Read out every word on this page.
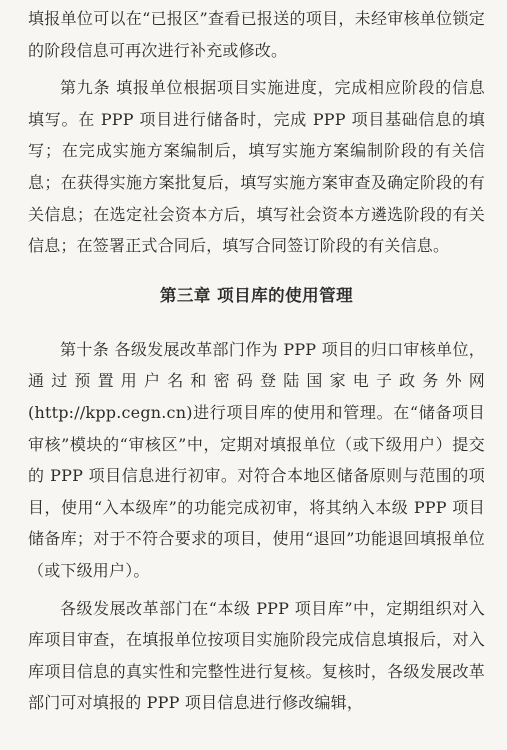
填报单位可以在“已报区”查看已报送的项目，未经审核单位锁定的阶段信息可再次进行补充或修改。

第九条 填报单位根据项目实施进度，完成相应阶段的信息填写。在 PPP 项目进行储备时，完成 PPP 项目基础信息的填写；在完成实施方案编制后，填写实施方案编制阶段的有关信息；在获得实施方案批复后，填写实施方案审查及确定阶段的有关信息；在选定社会资本方后，填写社会资本方遴选阶段的有关信息；在签署正式合同后，填写合同签订阶段的有关信息。

第三章 项目库的使用管理

第十条 各级发展改革部门作为 PPP 项目的归口审核单位，通过预置用户名和密码登陆国家电子政务外网(http://kpp.cegn.cn)进行项目库的使用和管理。在“储备项目审核”模块的“审核区”中，定期对填报单位（或下级用户）提交的 PPP 项目信息进行初审。对符合本地区储备原则与范围的项目，使用“入本级库”的功能完成初审，将其纳入本级 PPP 项目储备库；对于不符合要求的项目，使用“退回”功能退回填报单位（或下级用户）。

各级发展改革部门在“本级 PPP 项目库”中，定期组织对入库项目审查，在填报单位按项目实施阶段完成信息填报后，对入库项目信息的真实性和完整性进行复核。复核时，各级发展改革部门可对填报的 PPP 项目信息进行修改编辑，
